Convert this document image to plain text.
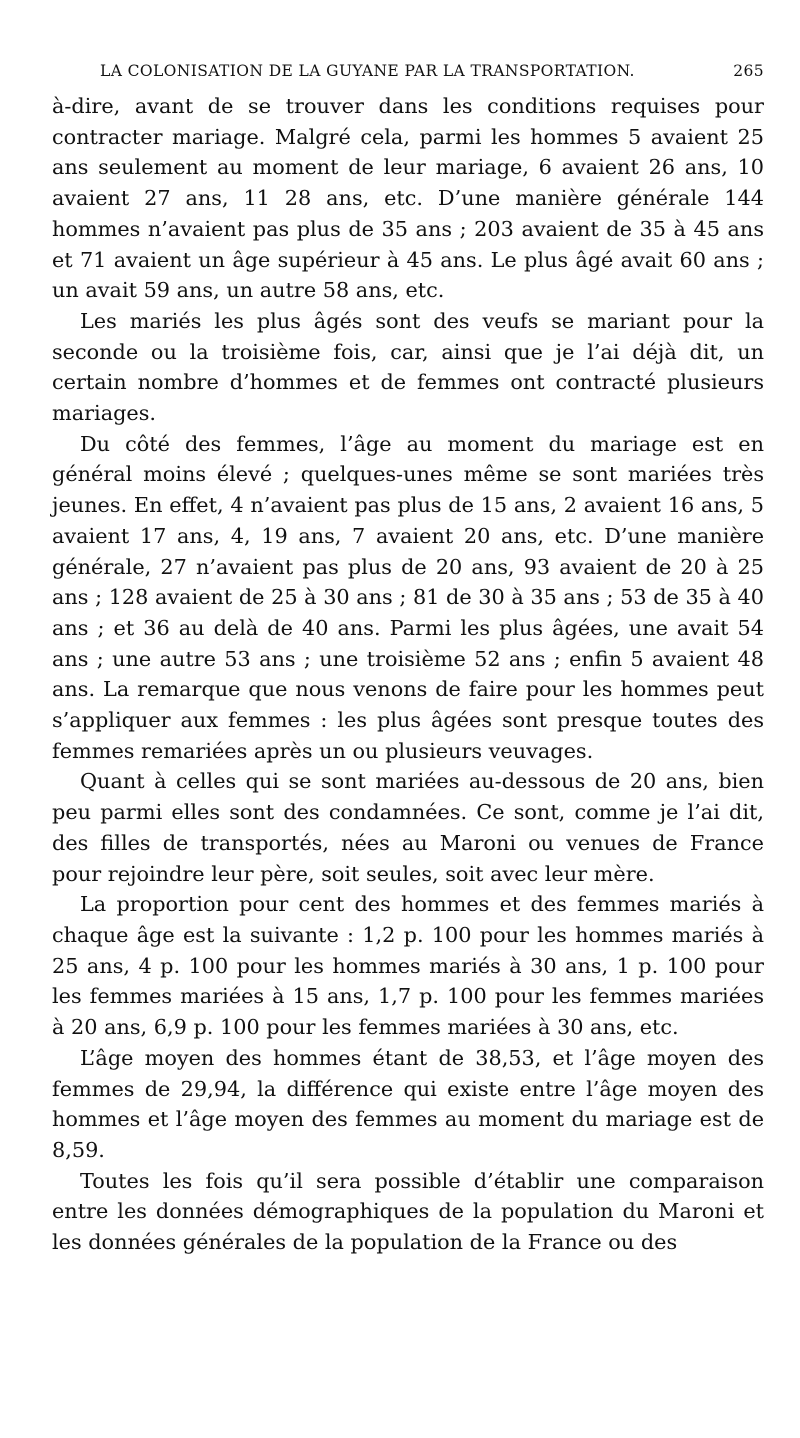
LA COLONISATION DE LA GUYANE PAR LA TRANSPORTATION.	265

à-dire, avant de se trouver dans les conditions requises pour contracter mariage. Malgré cela, parmi les hommes 5 avaient 25 ans seulement au moment de leur mariage, 6 avaient 26 ans, 10 avaient 27 ans, 11 28 ans, etc. D’une manière générale 144 hommes n’avaient pas plus de 35 ans ; 203 avaient de 35 à 45 ans et 71 avaient un âge supérieur à 45 ans. Le plus âgé avait 60 ans ; un avait 59 ans, un autre 58 ans, etc.

Les mariés les plus âgés sont des veufs se mariant pour la seconde ou la troisième fois, car, ainsi que je l’ai déjà dit, un certain nombre d’hommes et de femmes ont contracté plusieurs mariages.

Du côté des femmes, l’âge au moment du mariage est en général moins élevé ; quelques-unes même se sont mariées très jeunes. En effet, 4 n’avaient pas plus de 15 ans, 2 avaient 16 ans, 5 avaient 17 ans, 4, 19 ans, 7 avaient 20 ans, etc. D’une manière générale, 27 n’avaient pas plus de 20 ans, 93 avaient de 20 à 25 ans ; 128 avaient de 25 à 30 ans ; 81 de 30 à 35 ans ; 53 de 35 à 40 ans ; et 36 au delà de 40 ans. Parmi les plus âgées, une avait 54 ans ; une autre 53 ans ; une troisième 52 ans ; enfin 5 avaient 48 ans. La remarque que nous venons de faire pour les hommes peut s’appliquer aux femmes : les plus âgées sont presque toutes des femmes remariées après un ou plusieurs veuvages.

Quant à celles qui se sont mariées au-dessous de 20 ans, bien peu parmi elles sont des condamnées. Ce sont, comme je l’ai dit, des filles de transportés, nées au Maroni ou venues de France pour rejoindre leur père, soit seules, soit avec leur mère.

La proportion pour cent des hommes et des femmes mariés à chaque âge est la suivante : 1,2 p. 100 pour les hommes mariés à 25 ans, 4 p. 100 pour les hommes mariés à 30 ans, 1 p. 100 pour les femmes mariées à 15 ans, 1,7 p. 100 pour les femmes mariées à 20 ans, 6,9 p. 100 pour les femmes mariées à 30 ans, etc.

L’âge moyen des hommes étant de 38,53, et l’âge moyen des femmes de 29,94, la différence qui existe entre l’âge moyen des hommes et l’âge moyen des femmes au moment du mariage est de 8,59.

Toutes les fois qu’il sera possible d’établir une comparaison entre les données démographiques de la population du Maroni et les données générales de la population de la France ou des
